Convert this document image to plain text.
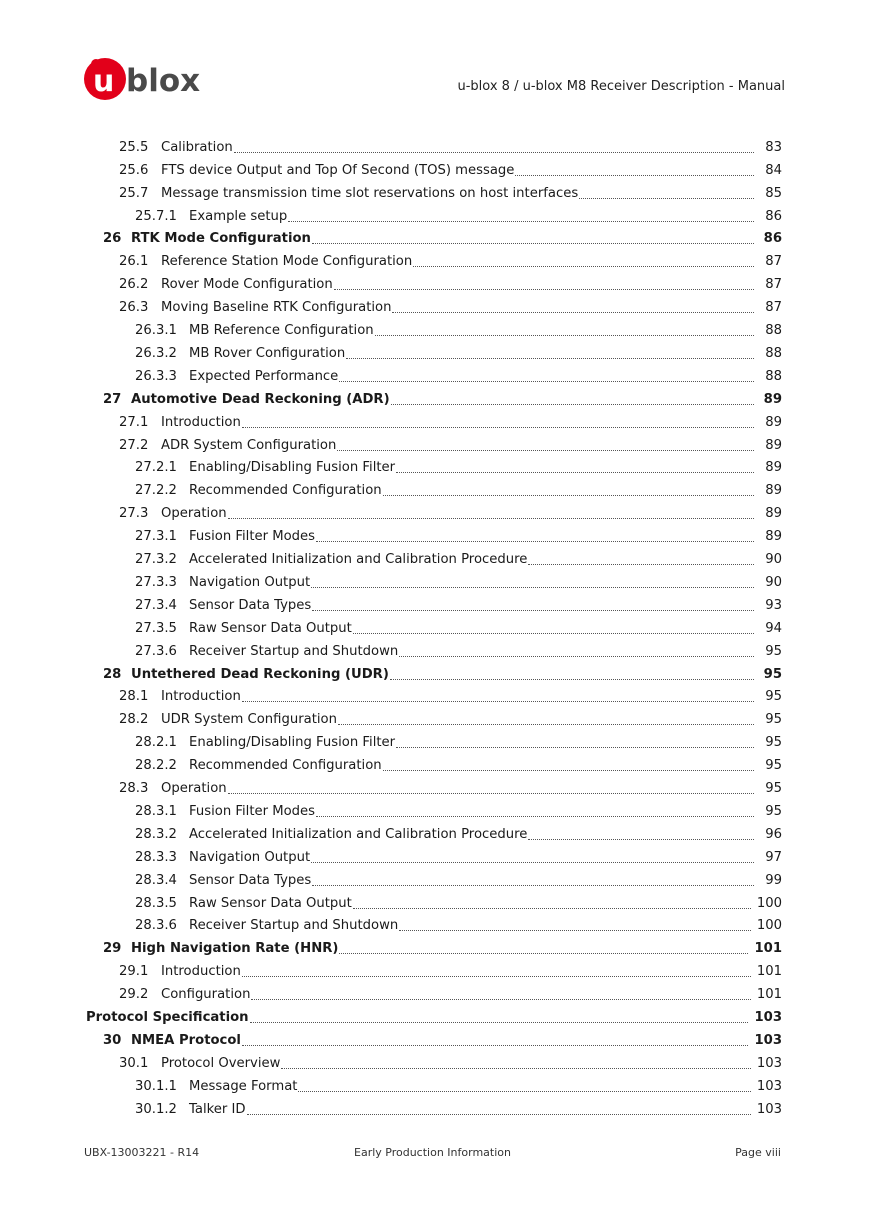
u blox	u-blox 8 / u-blox M8 Receiver Description - Manual
25.5 Calibration	83
25.6 FTS device Output and Top Of Second (TOS) message	84
25.7 Message transmission time slot reservations on host interfaces	85
25.7.1 Example setup	86
26 RTK Mode Configuration	86
26.1 Reference Station Mode Configuration	87
26.2 Rover Mode Configuration	87
26.3 Moving Baseline RTK Configuration	87
26.3.1 MB Reference Configuration	88
26.3.2 MB Rover Configuration	88
26.3.3 Expected Performance	88
27 Automotive Dead Reckoning (ADR)	89
27.1 Introduction	89
27.2 ADR System Configuration	89
27.2.1 Enabling/Disabling Fusion Filter	89
27.2.2 Recommended Configuration	89
27.3 Operation	89
27.3.1 Fusion Filter Modes	89
27.3.2 Accelerated Initialization and Calibration Procedure	90
27.3.3 Navigation Output	90
27.3.4 Sensor Data Types	93
27.3.5 Raw Sensor Data Output	94
27.3.6 Receiver Startup and Shutdown	95
28 Untethered Dead Reckoning (UDR)	95
28.1 Introduction	95
28.2 UDR System Configuration	95
28.2.1 Enabling/Disabling Fusion Filter	95
28.2.2 Recommended Configuration	95
28.3 Operation	95
28.3.1 Fusion Filter Modes	95
28.3.2 Accelerated Initialization and Calibration Procedure	96
28.3.3 Navigation Output	97
28.3.4 Sensor Data Types	99
28.3.5 Raw Sensor Data Output	100
28.3.6 Receiver Startup and Shutdown	100
29 High Navigation Rate (HNR)	101
29.1 Introduction	101
29.2 Configuration	101
Protocol Specification	103
30 NMEA Protocol	103
30.1 Protocol Overview	103
30.1.1 Message Format	103
30.1.2 Talker ID	103
UBX-13003221 - R14	Early Production Information	Page viii
